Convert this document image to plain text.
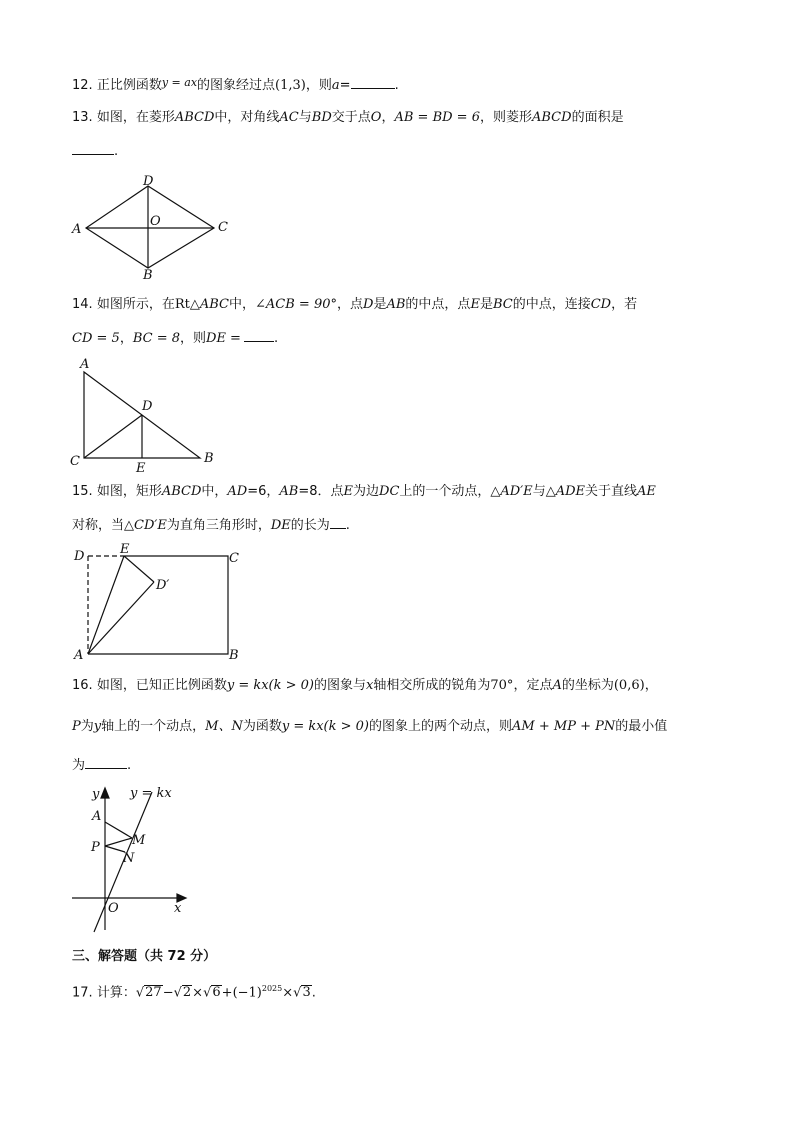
12. 正比例函数$^{y = ax}$的图象经过点(1,3)，则a=	.
13. 如图，在菱形ABCD中，对角线AC与BD交于点O，AB = BD = 6，则菱形ABCD的面积是
.
D
A	C
O
B
14. 如图所示，在Rt△ABC中，∠ACB = 90°，点D是AB的中点，点E是BC的中点，连接CD，若
CD = 5，BC = 8，则DE =	.
A
D
C	E
B
15. 如图，矩形ABCD中，AD=6，AB=8．点E为边DC上的一个动点，△AD′E与△ADE关于直线AE
对称，当△CD′E为直角三角形时，DE的长为 .
D	E
C
D′
A	B
16. 如图，已知正比例函数y = kx(k > 0)的图象与x轴相交所成的锐角为70°，定点A的坐标为(0,6)，
P为y轴上的一个动点，M、N为函数y = kx(k > 0)的图象上的两个动点，则AM + MP + PN的最小值
为	.
y y = kx
A
M
P
N
O	x
三、解答题（共 72 分）
17. 计算：$√27-√2\times√6+(-1)^{2025}\times√3$.
